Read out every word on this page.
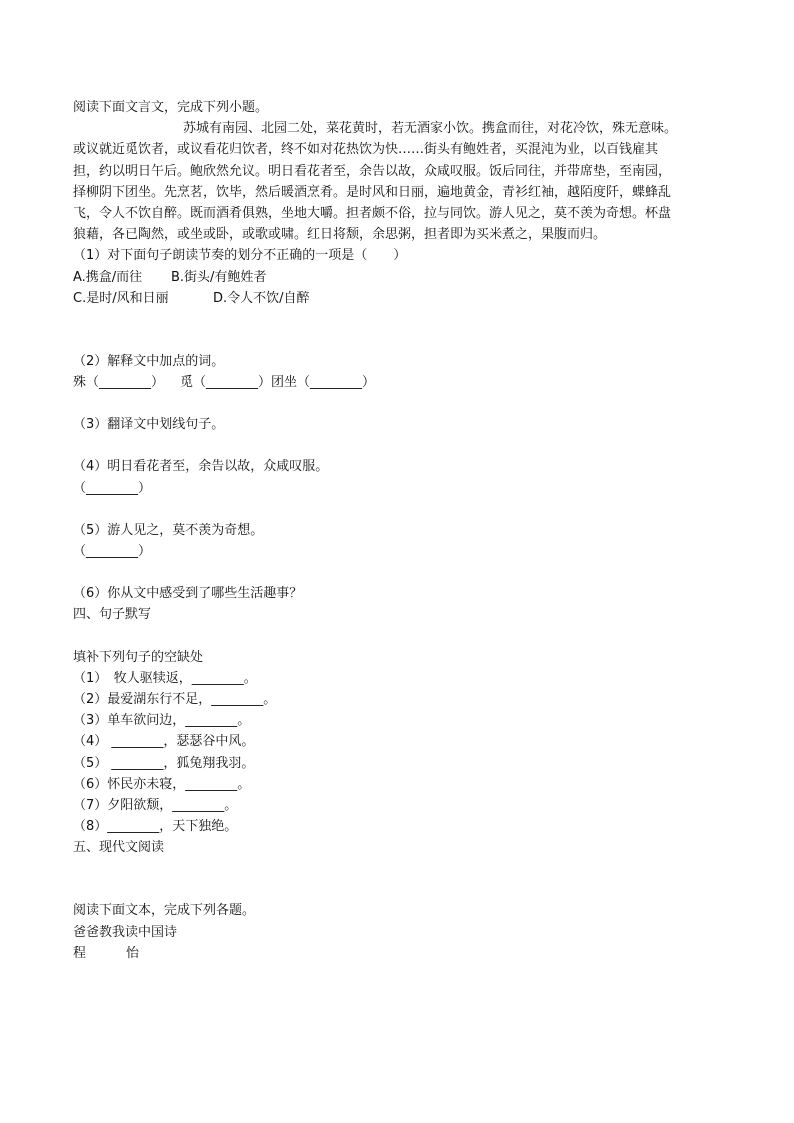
阅读下面文言文，完成下列小题。
苏城有南园、北园二处，菜花黄时，若无酒家小饮。携盒而往，对花冷饮，殊无意味。
或议就近觅饮者，或议看花归饮者，终不如对花热饮为快……街头有鲍姓者，买混沌为业，以百钱雇其
担，约以明日午后。鲍欣然允议。明日看花者至，余告以故，众咸叹服。饭后同往，并带席垫，至南园，
择柳阴下团坐。先烹茗，饮毕，然后暖酒烹肴。是时风和日丽，遍地黄金，青衫红袖，越陌度阡，蝶蜂乱
飞，令人不饮自醉。既而酒肴俱熟，坐地大嚼。担者颇不俗，拉与同饮。游人见之，莫不羡为奇想。杯盘
狼藉，各已陶然，或坐或卧，或歌或啸。红日将颓，余思粥，担者即为买米煮之，果腹而归。
（1）对下面句子朗读节奏的划分不正确的一项是（　　）
A.携盒/而往 B.街头/有鲍姓者
C.是时/风和日丽	D.令人不饮/自醉
（2）解释文中加点的词。
殊（________） 觅（________）团坐（________）
（3）翻译文中划线句子。
（4）明日看花者至，余告以故，众咸叹服。
（________）
（5）游人见之，莫不羡为奇想。
（________）
（6）你从文中感受到了哪些生活趣事？
四、句子默写
填补下列句子的空缺处
（1）　牧人驱犊返，________。
（2）最爱湖东行不足，________。
（3）单车欲问边，________。
（4） ________，瑟瑟谷中风。
（5） ________，狐兔翔我羽。
（6）怀民亦未寝，________。
（7）夕阳欲颓，________。
（8）________，天下独绝。
五、现代文阅读
阅读下面文本，完成下列各题。
爸爸教我读中国诗
程	怡
